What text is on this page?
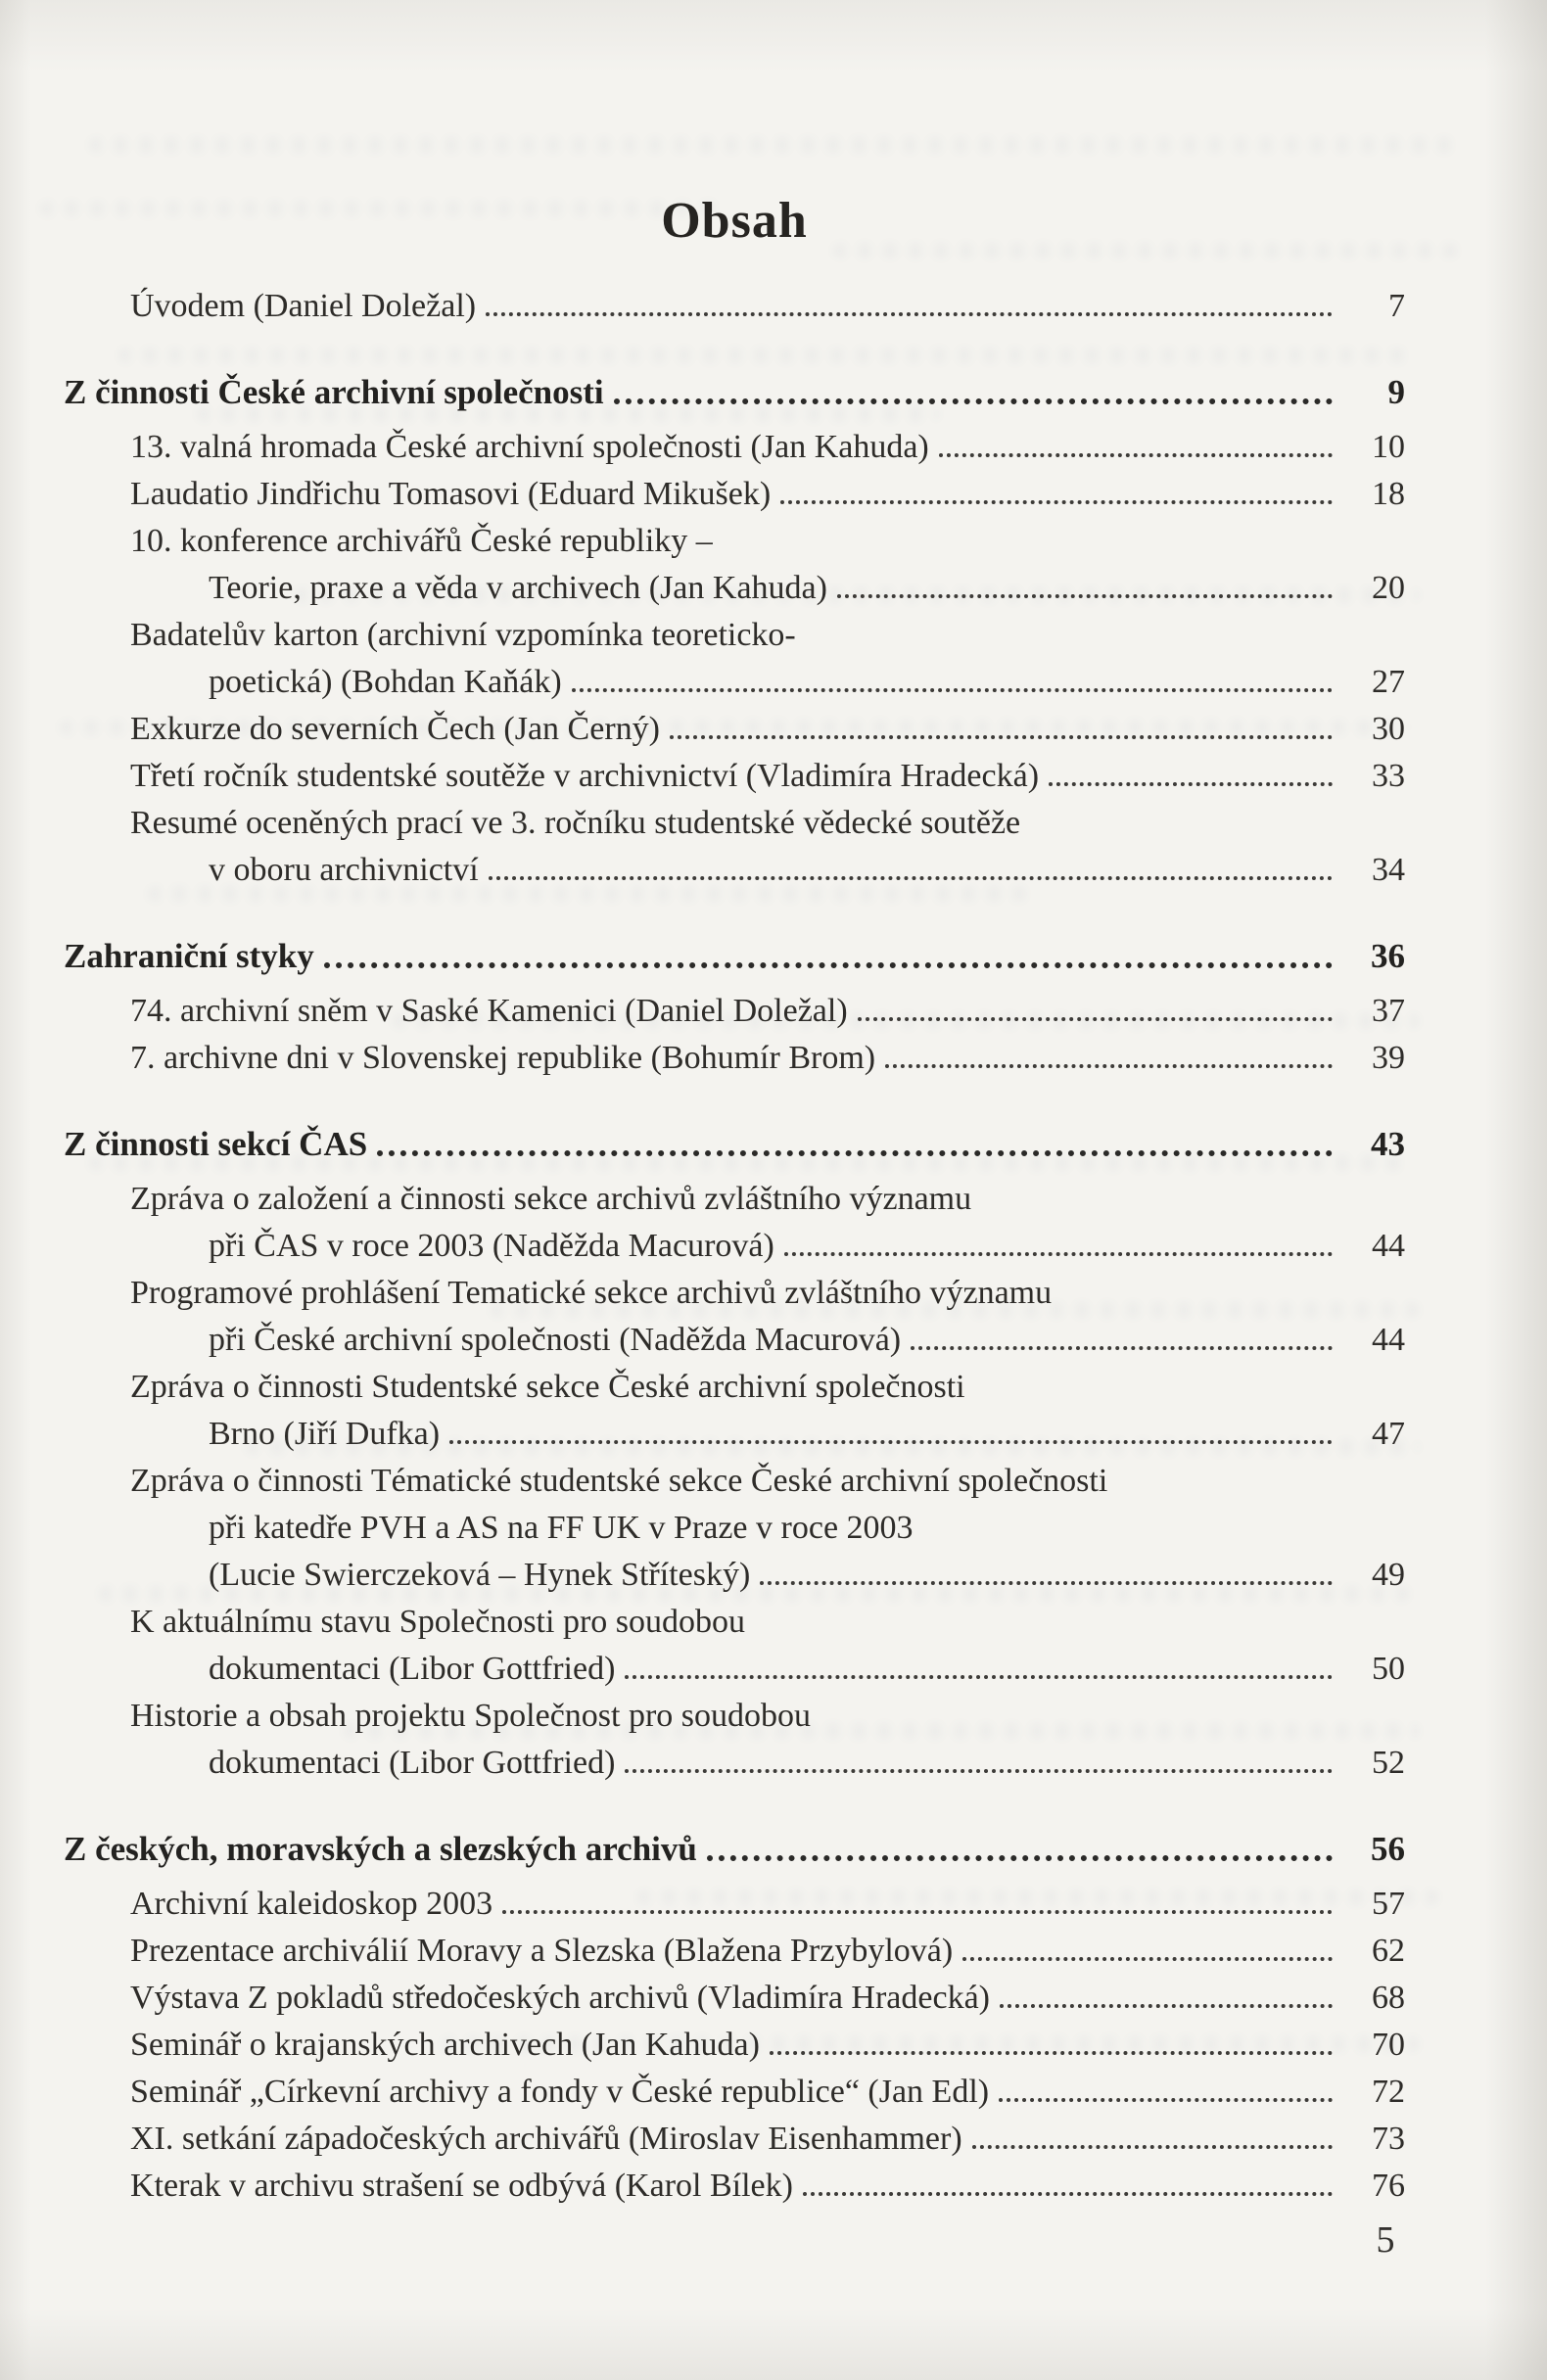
Obsah
Úvodem (Daniel Doležal)	7
Z činnosti České archivní společnosti	9
13. valná hromada České archivní společnosti (Jan Kahuda)	10
Laudatio Jindřichu Tomasovi (Eduard Mikušek)	18
10. konference archivářů České republiky –
Teorie, praxe a věda v archivech (Jan Kahuda)	20
Badatelův karton (archivní vzpomínka teoreticko-
poetická) (Bohdan Kaňák)	27
Exkurze do severních Čech (Jan Černý)	30
Třetí ročník studentské soutěže v archivnictví (Vladimíra Hradecká)	33
Resumé oceněných prací ve 3. ročníku studentské vědecké soutěže
v oboru archivnictví	34
Zahraniční styky	36
74. archivní sněm v Saské Kamenici (Daniel Doležal)	37
7. archivne dni v Slovenskej republike (Bohumír Brom)	39
Z činnosti sekcí ČAS	43
Zpráva o založení a činnosti sekce archivů zvláštního významu
při ČAS v roce 2003 (Naděžda Macurová)	44
Programové prohlášení Tematické sekce archivů zvláštního významu
při České archivní společnosti (Naděžda Macurová)	44
Zpráva o činnosti Studentské sekce České archivní společnosti
Brno (Jiří Dufka)	47
Zpráva o činnosti Tématické studentské sekce České archivní společnosti
při katedře PVH a AS na FF UK v Praze v roce 2003
(Lucie Swierczeková – Hynek Stříteský)	49
K aktuálnímu stavu Společnosti pro soudobou
dokumentaci (Libor Gottfried)	50
Historie a obsah projektu Společnost pro soudobou
dokumentaci (Libor Gottfried)	52
Z českých, moravských a slezských archivů	56
Archivní kaleidoskop 2003	57
Prezentace archiválií Moravy a Slezska (Blažena Przybylová)	62
Výstava Z pokladů středočeských archivů (Vladimíra Hradecká)	68
Seminář o krajanských archivech (Jan Kahuda)	70
Seminář „Církevní archivy a fondy v České republice“ (Jan Edl)	72
XI. setkání západočeských archivářů (Miroslav Eisenhammer)	73
Kterak v archivu strašení se odbývá (Karol Bílek)	76
5
